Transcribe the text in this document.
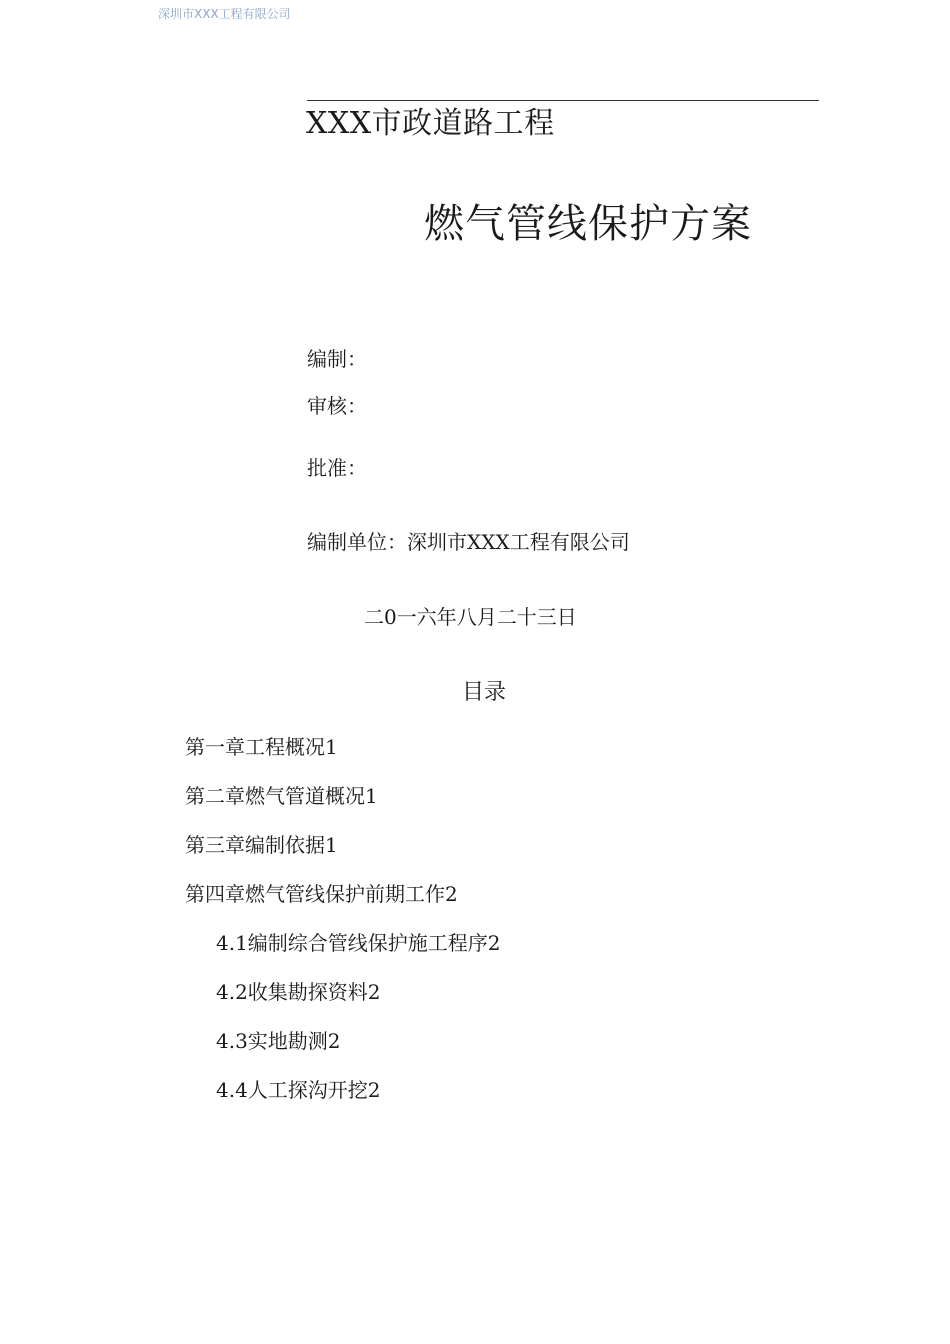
深圳市XXX工程有限公司
XXX市政道路工程
燃气管线保护方案
编制：
审核：
批准：
编制单位：深圳市XXX工程有限公司
二0一六年八月二十三日
目录
第一章工程概况1
第二章燃气管道概况1
第三章编制依据1
第四章燃气管线保护前期工作2
4.1编制综合管线保护施工程序2
4.2收集勘探资料2
4.3实地勘测2
4.4人工探沟开挖2
